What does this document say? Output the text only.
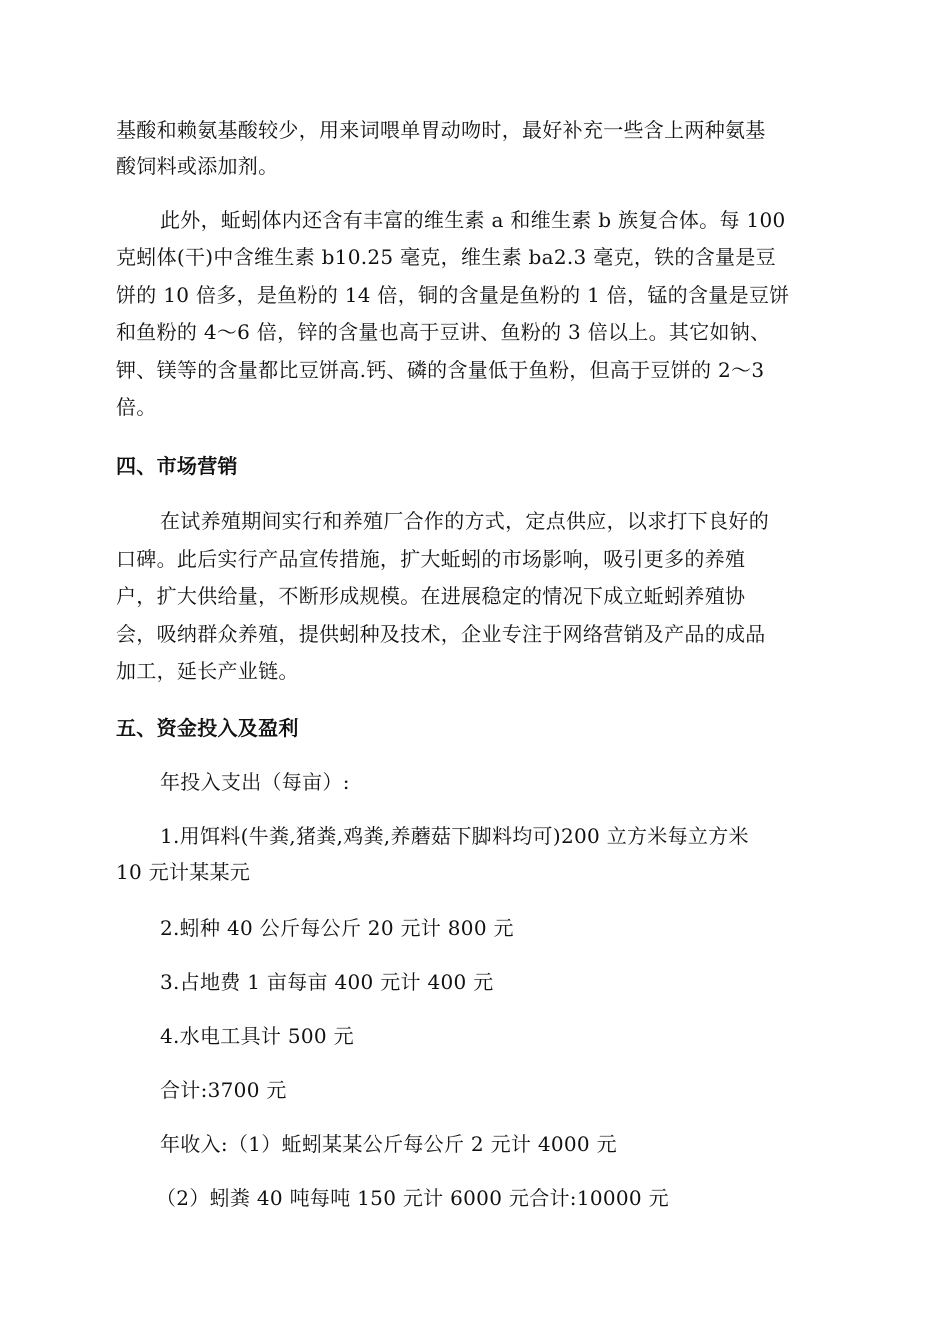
基酸和赖氨基酸较少，用来词喂单胃动吻时，最好补充一些含上两种氨基
酸饲料或添加剂。
此外，蚯蚓体内还含有丰富的维生素 a 和维生素 b 族复合体。每 100
克蚓体(干)中含维生素 b10.25 毫克，维生素 ba2.3 毫克，铁的含量是豆
饼的 10 倍多，是鱼粉的 14 倍，铜的含量是鱼粉的 1 倍，锰的含量是豆饼
和鱼粉的 4～6 倍，锌的含量也高于豆讲、鱼粉的 3 倍以上。其它如钠、
钾、镁等的含量都比豆饼高.钙、磷的含量低于鱼粉，但高于豆饼的 2～3
倍。
四、市场营销
在试养殖期间实行和养殖厂合作的方式，定点供应，以求打下良好的
口碑。此后实行产品宣传措施，扩大蚯蚓的市场影响，吸引更多的养殖
户，扩大供给量，不断形成规模。在进展稳定的情况下成立蚯蚓养殖协
会，吸纳群众养殖，提供蚓种及技术，企业专注于网络营销及产品的成品
加工，延长产业链。
五、资金投入及盈利
年投入支出（每亩）:
1.用饵料(牛粪,猪粪,鸡粪,养蘑菇下脚料均可)200 立方米每立方米
10 元计某某元
2.蚓种 40 公斤每公斤 20 元计 800 元
3.占地费 1 亩每亩 400 元计 400 元
4.水电工具计 500 元
合计:3700 元
年收入:（1）蚯蚓某某公斤每公斤 2 元计 4000 元
（2）蚓粪 40 吨每吨 150 元计 6000 元合计:10000 元
